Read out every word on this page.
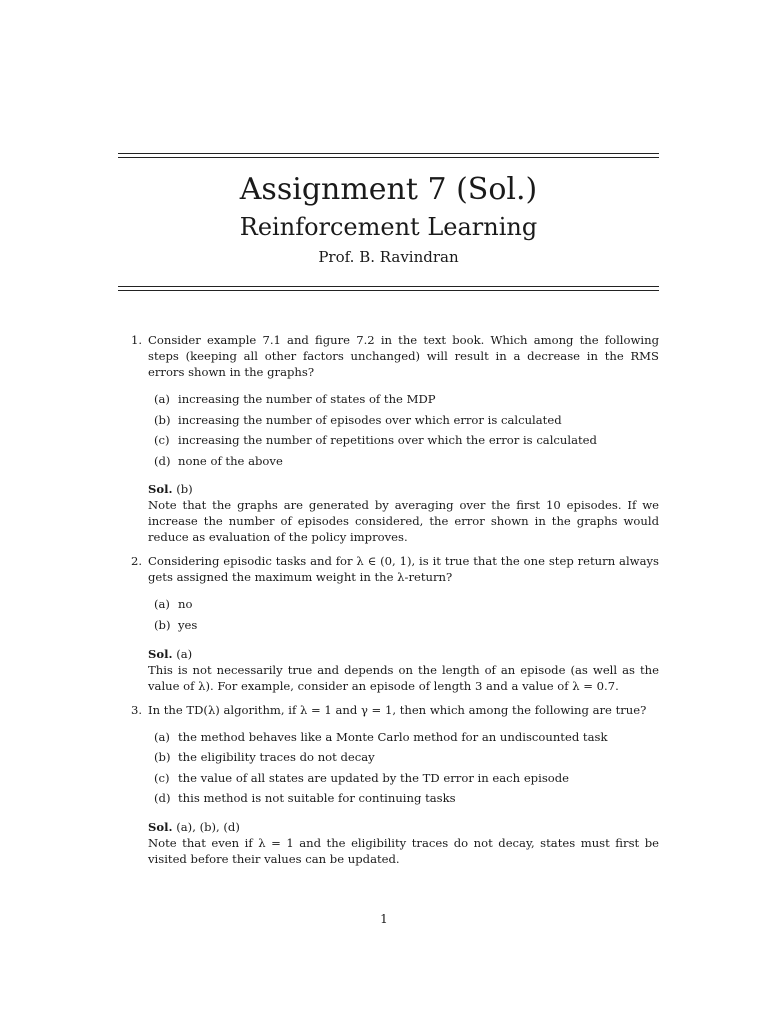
Assignment 7 (Sol.)
Reinforcement Learning
Prof. B. Ravindran
1. Consider example 7.1 and figure 7.2 in the text book. Which among the following steps (keeping all other factors unchanged) will result in a decrease in the RMS errors shown in the graphs?

(a) increasing the number of states of the MDP
(b) increasing the number of episodes over which error is calculated
(c) increasing the number of repetitions over which the error is calculated
(d) none of the above

Sol. (b)

Note that the graphs are generated by averaging over the first 10 episodes. If we increase the number of episodes considered, the error shown in the graphs would reduce as evaluation of the policy improves.

2. Considering episodic tasks and for λ ∈ (0, 1), is it true that the one step return always gets assigned the maximum weight in the λ-return?

(a) no
(b) yes

Sol. (a)

This is not necessarily true and depends on the length of an episode (as well as the value of λ). For example, consider an episode of length 3 and a value of λ = 0.7.

3. In the TD(λ) algorithm, if λ = 1 and γ = 1, then which among the following are true?

(a) the method behaves like a Monte Carlo method for an undiscounted task
(b) the eligibility traces do not decay
(c) the value of all states are updated by the TD error in each episode
(d) this method is not suitable for continuing tasks

Sol. (a), (b), (d)

Note that even if λ = 1 and the eligibility traces do not decay, states must first be visited before their values can be updated.

1
